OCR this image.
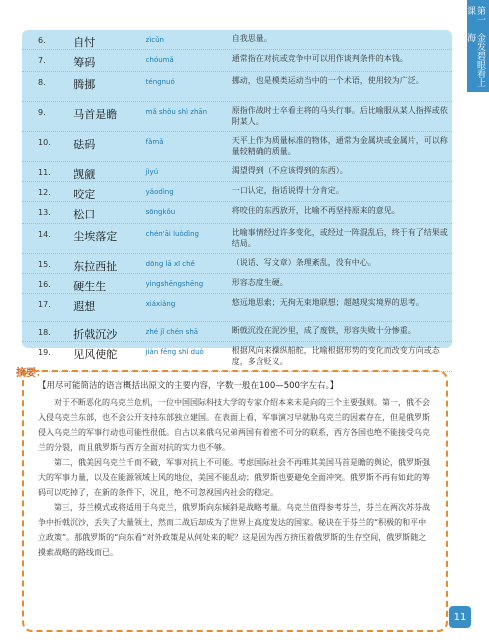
第一课
金发碧眼看上海
6.	自忖	zìcǔn	自我思量。
7.	筹码	chóumǎ	通常指在对抗或竞争中可以用作谈判条件的本钱。
8.	腾挪	téngnuó	挪动，也是模类运动当中的一个术语，使用较为广泛。
9.	马首是瞻	mǎ shǒu shì zhān	原指作战时士卒看主将的马头行事。后比喻服从某人指挥或依附某人。
10.	砝码	fǎmǎ	天平上作为质量标准的物体，通常为金属块或金属片，可以称量较精确的质量。
11.	觊觎	jìyú	渴望得到（不应该得到的东西）。
12.	咬定	yǎodìng	一口认定，指话说得十分肯定。
13.	松口	sōngkǒu	将咬住的东西放开，比喻不再坚持原来的意见。
14.	尘埃落定	chén'āi luòdìng	比喻事情经过许多变化，或经过一阵混乱后，终于有了结果或结局。
15.	东拉西扯	dōng lā xī chě	（说话、写文章）条理紊乱，没有中心。
16.	硬生生	yìngshēngshēng	形容态度生硬。
17.	遐想	xiáxiǎng	悠远地思索；无拘无束地联想；超越现实境界的思考。
18.	折戟沉沙	zhé jǐ chén shā	断戟沉没在泥沙里，成了废铁，形容失败十分惨重。
19.	见风使舵	jiàn fēng shǐ duò	根据风向来操纵船舵，比喻根据形势的变化而改变方向或态度，多含贬义。
摘要：
【用尽可能简洁的语言概括出原文的主要内容，字数一般在100—500字左右。】

对于不断恶化的乌克兰危机，一位中国国际科技大学的专家介绍本来未是向的三个主要强则。第一，俄不会入侵乌克兰东部，也不会公开支持东部独立建国。在表面上看，军事演习早就胁乌克兰的因素存在，但是俄罗斯侵入乌克兰的军事行动也可能性很低。自古以来俄乌兄弟两国有着密不可分的联系，西方各国也绝不能接受乌克兰的分裂，而且俄罗斯与西方全面对抗的实力也不够。

第二，俄美因乌克兰千而不破，军事对抗上不可能。考虑国际社会不再唯其美国马首是瞻的舆论，俄罗斯强大的军事力量，以及在能源领域上风的地位，美国不能乱动；俄罗斯也要避免全面冲突。俄罗斯不再有如此的筹码可以吃掉了，在新的条件下，况且，绝不可忽视国内社会的稳定。

第三，芬兰模式或将适用于乌克兰，俄罗斯向东倾斜是战略考量。乌克兰值得参考芬兰，芬兰在两次苏芬战争中折戟沉沙，丢失了大量领土，然而二战后却成为了世界上高度发达的国家。秘诀在于芬兰的“积极的和平中立政策”。那俄罗斯的“向东看”对外政策是从何处来的呢？这是因为西方挤压着俄罗斯的生存空间，俄罗斯随之摸索战略的路线而已。

11
